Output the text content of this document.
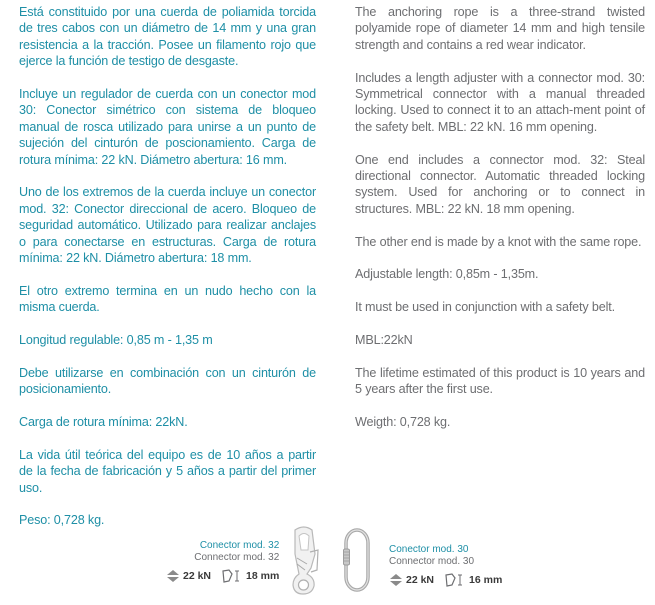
Está constituido por una cuerda de poliamida torcida de tres cabos con un diámetro de 14 mm y una gran resistencia a la tracción. Posee un filamento rojo que ejerce la función de testigo de desgaste.

Incluye un regulador de cuerda con un conector mod 30: Conector simétrico con sistema de bloqueo manual de rosca utilizado para unirse a un punto de sujeción del cinturón de poscionamiento. Carga de rotura mínima: 22 kN. Diámetro abertura: 16 mm.

Uno de los extremos de la cuerda incluye un conector mod. 32: Conector direccional de acero. Bloqueo de seguridad automático. Utilizado para realizar anclajes o para conectarse en estructuras. Carga de rotura mínima: 22 kN. Diámetro abertura: 18 mm.

El otro extremo termina en un nudo hecho con la misma cuerda.

Longitud regulable: 0,85 m - 1,35 m

Debe utilizarse en combinación con un cinturón de posicionamiento.

Carga de rotura mínima: 22kN.

La vida útil teórica del equipo es de 10 años a partir de la fecha de fabricación y 5 años a partir del primer uso.

Peso: 0,728 kg.

The anchoring rope is a three-strand twisted polyamide rope of diameter 14 mm and high tensile strength and contains a red wear indicator.

Includes a length adjuster with a connector mod. 30: Symmetrical connector with a manual threaded locking. Used to connect it to an attach-ment point of the safety belt. MBL: 22 kN. 16 mm opening.

One end includes a connector mod. 32: Steal directional connector. Automatic threaded locking system. Used for anchoring or to connect in structures. MBL: 22 kN. 18 mm opening.

The other end is made by a knot with the same rope.

Adjustable length: 0,85m - 1,35m.

It must be used in conjunction with a safety belt.

MBL:22kN

The lifetime estimated of this product is 10 years and 5 years after the first use.

Weigth: 0,728 kg.

Conector mod. 32
Connector mod. 32
22 kN	18 mm
Conector mod. 30
Connector mod. 30
22 kN	16 mm
